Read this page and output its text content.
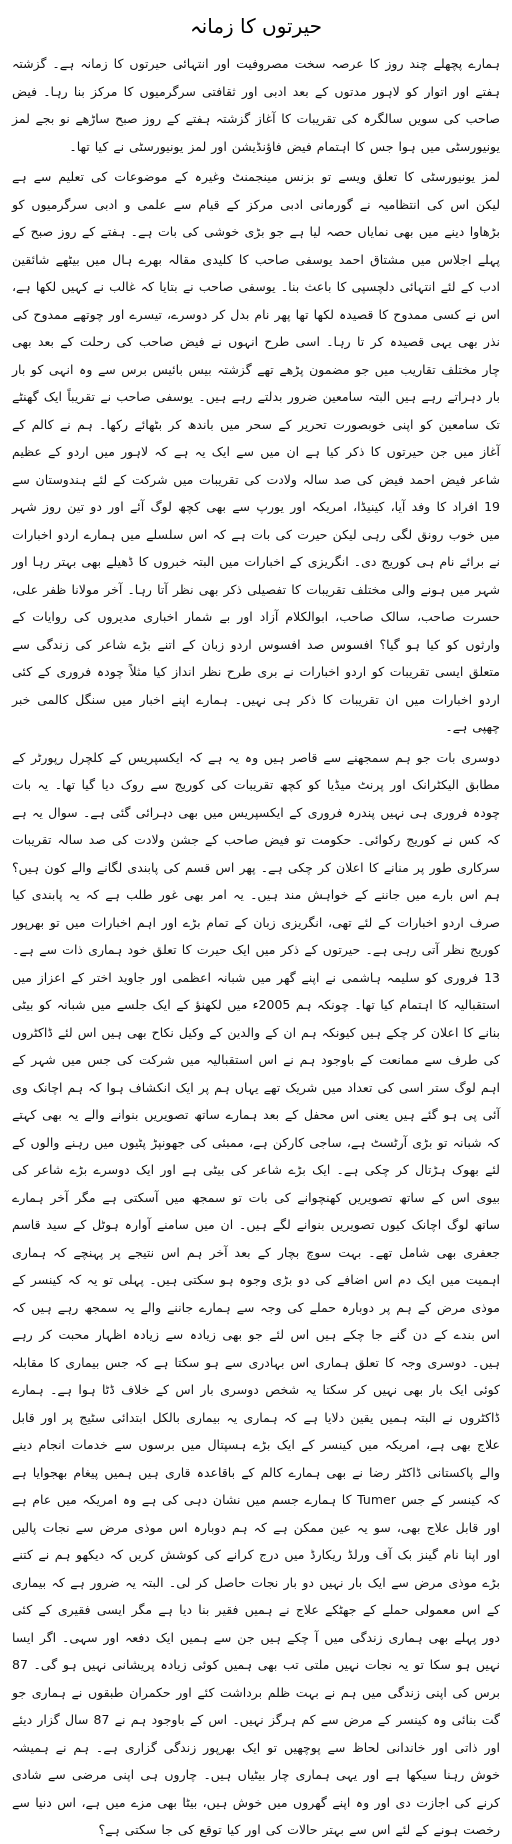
حیرتوں کا زمانہ

ہمارے پچھلے چند روز کا عرصہ سخت مصروفیت اور انتہائی حیرتوں کا زمانہ ہے۔ گزشتہ ہفتے اور اتوار کو لاہور مدتوں کے بعد ادبی اور ثقافتی سرگرمیوں کا مرکز بنا رہا۔ فیض صاحب کی سویں سالگرہ کی تقریبات کا آغاز گزشتہ ہفتے کے روز صبح ساڑھے نو بجے لمز یونیورسٹی میں ہوا جس کا اہتمام فیض فاؤنڈیشن اور لمز یونیورسٹی نے کیا تھا۔

لمز یونیورسٹی کا تعلق ویسے تو بزنس مینجمنٹ وغیرہ کے موضوعات کی تعلیم سے ہے لیکن اس کی انتظامیہ نے گورمانی ادبی مرکز کے قیام سے علمی و ادبی سرگرمیوں کو بڑھاوا دینے میں بھی نمایاں حصہ لیا ہے جو بڑی خوشی کی بات ہے۔ ہفتے کے روز صبح کے پہلے اجلاس میں مشتاق احمد یوسفی صاحب کا کلیدی مقالہ بھرے ہال میں بیٹھے شائقین ادب کے لئے انتہائی دلچسپی کا باعث بنا۔ یوسفی صاحب نے بتایا کہ غالب نے کہیں لکھا ہے، اس نے کسی ممدوح کا قصیدہ لکھا تھا پھر نام بدل کر دوسرے، تیسرے اور چوتھے ممدوح کی نذر بھی یہی قصیدہ کر تا رہا۔ اسی طرح انہوں نے فیض صاحب کی رحلت کے بعد بھی چار مختلف تقاریب میں جو مضمون پڑھے تھے گزشتہ بیس بائیس برس سے وہ انہی کو بار بار دہراتے رہے ہیں البتہ سامعین ضرور بدلتے رہے ہیں۔ یوسفی صاحب نے تقریباً ایک گھنٹے تک سامعین کو اپنی خوبصورت تحریر کے سحر میں باندھ کر بٹھائے رکھا۔ ہم نے کالم کے آغاز میں جن حیرتوں کا ذکر کیا ہے ان میں سے ایک یہ ہے کہ لاہور میں اردو کے عظیم شاعر فیض احمد فیض کی صد سالہ ولادت کی تقریبات میں شرکت کے لئے ہندوستان سے 19 افراد کا وفد آیا، کینیڈا، امریکہ اور یورپ سے بھی کچھ لوگ آئے اور دو تین روز شہر میں خوب رونق لگی رہی لیکن حیرت کی بات ہے کہ اس سلسلے میں ہمارے اردو اخبارات نے برائے نام ہی کوریج دی۔ انگریزی کے اخبارات میں البتہ خبروں کا ڈھیلے بھی بہتر رہا اور شہر میں ہونے والی مختلف تقریبات کا تفصیلی ذکر بھی نظر آتا رہا۔ آخر مولانا ظفر علی، حسرت صاحب، سالک صاحب، ابوالکلام آزاد اور بے شمار اخباری مدیروں کی روایات کے وارثوں کو کیا ہو گیا؟ افسوس صد افسوس اردو زبان کے اتنے بڑے شاعر کی زندگی سے متعلق ایسی تقریبات کو اردو اخبارات نے بری طرح نظر انداز کیا مثلاً چودہ فروری کے کئی اردو اخبارات میں ان تقریبات کا ذکر ہی نہیں۔ ہمارے اپنے اخبار میں سنگل کالمی خبر چھپی ہے۔

دوسری بات جو ہم سمجھنے سے قاصر ہیں وہ یہ ہے کہ ایکسپریس کے کلچرل رپورٹر کے مطابق الیکٹرانک اور پرنٹ میڈیا کو کچھ تقریبات کی کوریج سے روک دیا گیا تھا۔ یہ بات چودہ فروری ہی نہیں پندرہ فروری کے ایکسپریس میں بھی دہرائی گئی ہے۔ سوال یہ ہے کہ کس نے کوریج رکوائی۔ حکومت تو فیض صاحب کے جشن ولادت کی صد سالہ تقریبات سرکاری طور پر منانے کا اعلان کر چکی ہے۔ پھر اس قسم کی پابندی لگانے والے کون ہیں؟ ہم اس بارے میں جاننے کے خواہش مند ہیں۔ یہ امر بھی غور طلب ہے کہ یہ پابندی کیا صرف اردو اخبارات کے لئے تھی، انگریزی زبان کے تمام بڑے اور اہم اخبارات میں تو بھرپور کوریج نظر آتی رہی ہے۔ حیرتوں کے ذکر میں ایک حیرت کا تعلق خود ہماری ذات سے ہے۔ 13 فروری کو سلیمہ ہاشمی نے اپنے گھر میں شبانہ اعظمی اور جاوید اختر کے اعزاز میں استقبالیہ کا اہتمام کیا تھا۔ چونکہ ہم 2005ء میں لکھنؤ کے ایک جلسے میں شبانہ کو بیٹی بنانے کا اعلان کر چکے ہیں کیونکہ ہم ان کے والدین کے وکیل نکاح بھی ہیں اس لئے ڈاکٹروں کی طرف سے ممانعت کے باوجود ہم نے اس استقبالیہ میں شرکت کی جس میں شہر کے اہم لوگ ستر اسی کی تعداد میں شریک تھے یہاں ہم پر ایک انکشاف ہوا کہ ہم اچانک وی آئی پی ہو گئے ہیں یعنی اس محفل کے بعد ہمارے ساتھ تصویریں بنوانے والے یہ بھی کہتے کہ شبانہ تو بڑی آرٹسٹ ہے، ساجی کارکن ہے، ممبئی کی جھونپڑ پٹیوں میں رہنے والوں کے لئے بھوک ہڑتال کر چکی ہے۔ ایک بڑے شاعر کی بیٹی ہے اور ایک دوسرے بڑے شاعر کی بیوی اس کے ساتھ تصویریں کھنچوانے کی بات تو سمجھ میں آسکتی ہے مگر آخر ہمارے ساتھ لوگ اچانک کیوں تصویریں بنوانے لگے ہیں۔ ان میں سامنے آوارہ ہوٹل کے سید قاسم جعفری بھی شامل تھے۔ بہت سوچ بچار کے بعد آخر ہم اس نتیجے پر پہنچے کہ ہماری اہمیت میں ایک دم اس اضافے کی دو بڑی وجوہ ہو سکتی ہیں۔ پہلی تو یہ کہ کینسر کے موذی مرض کے ہم پر دوبارہ حملے کی وجہ سے ہمارے جاننے والے یہ سمجھ رہے ہیں کہ اس بندے کے دن گنے جا چکے ہیں اس لئے جو بھی زیادہ سے زیادہ اظہار محبت کر رہے ہیں۔ دوسری وجہ کا تعلق ہماری اس بہادری سے ہو سکتا ہے کہ جس بیماری کا مقابلہ کوئی ایک بار بھی نہیں کر سکتا یہ شخص دوسری بار اس کے خلاف ڈٹا ہوا ہے۔ ہمارے ڈاکٹروں نے البتہ ہمیں یقین دلایا ہے کہ ہماری یہ بیماری بالکل ابتدائی سٹیج پر اور قابل علاج بھی ہے، امریکہ میں کینسر کے ایک بڑے ہسپتال میں برسوں سے خدمات انجام دینے والے پاکستانی ڈاکٹر رضا نے بھی ہمارے کالم کے باقاعدہ قاری ہیں ہمیں پیغام بھجوایا ہے کہ کینسر کے جس Tumer کا ہمارے جسم میں نشان دہی کی ہے وہ امریکہ میں عام ہے اور قابل علاج بھی، سو یہ عین ممکن ہے کہ ہم دوبارہ اس موذی مرض سے نجات پالیں اور اپنا نام گینز بک آف ورلڈ ریکارڈ میں درج کرانے کی کوشش کریں کہ دیکھو ہم نے کتنے بڑے موذی مرض سے ایک بار نہیں دو بار نجات حاصل کر لی۔ البتہ یہ ضرور ہے کہ بیماری کے اس معمولی حملے کے جھٹکے علاج نے ہمیں فقیر بنا دیا ہے مگر ایسی فقیری کے کئی دور پہلے بھی ہماری زندگی میں آ چکے ہیں جن سے ہمیں ایک دفعہ اور سہی۔ اگر ایسا نہیں ہو سکا تو یہ نجات نہیں ملتی تب بھی ہمیں کوئی زیادہ پریشانی نہیں ہو گی۔ 87 برس کی اپنی زندگی میں ہم نے بہت ظلم برداشت کئے اور حکمران طبقوں نے ہماری جو گت بنائی وہ کینسر کے مرض سے کم ہرگز نہیں۔ اس کے باوجود ہم نے 87 سال گزار دیئے اور ذاتی اور خاندانی لحاظ سے پوچھیں تو ایک بھرپور زندگی گزاری ہے۔ ہم نے ہمیشہ خوش رہنا سیکھا ہے اور یہی ہماری چار بیٹیاں ہیں۔ چاروں ہی اپنی مرضی سے شادی کرنے کی اجازت دی اور وہ اپنے گھروں میں خوش ہیں، بیٹا بھی مزے میں ہے، اس دنیا سے رخصت ہونے کے لئے اس سے بہتر حالات کی اور کیا توقع کی جا سکتی ہے؟
